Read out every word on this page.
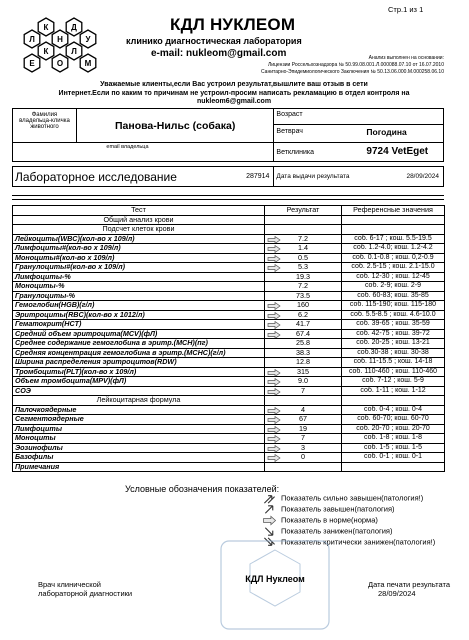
Стр.1 из 1
К	Д
Л	Н	У
К	Л
Е	О	М
КДЛ НУКЛЕОМ
клинико диагностическая лаборатория
e-mail: nukleom@gmail.com	Анализ выполнен на основании:
Лицензии Россельхознадзора № 50.99.08.001.Л.000088.07.10 от 16.07.2010
Санитарно-Эпидемиологического Заключения № 50.13.06.000.М.000258.06.10
Уважаемые клиенты,если Вас устроил результат,вышлите ваш отзыв в сети
Интернет.Если по каким то причинам не устроил-просим написать рекламацию в отдел контроля на
nukleom6@gmail.com
Фамилия владельца-кличка животного	Панова-Нильс (собака)	Возраст
Ветврач Погодина

	email владельца	Ветклиника 9724 VetEget
Лабораторное исследование	287914	Дата выдачи результата	28/09/2024
Тест	Результат	Референсные значения
Общий анализ крови		
Подсчет клеток крови		
Лейкоциты(WBC)(кол-во х 109/л)	7.2	соб. 6-17 ; кош. 5.5-19.5
Лимфоциты#(кол-во х 109/л)	1.4	соб. 1.2-4.0; кош. 1.2-4.2
Моноциты#(кол-во х 109/л)	0.5	соб. 0.1-0.8 ; кош. 0,2-0.9
Гранулоциты#(кол-во х 109/л)	5.3	соб. 2.5-15 ; кош. 2.1-15.0
Лимфоциты-%	19.3	соб. 12-30 ; кош. 12-45
Моноциты-%	7.2	соб. 2-9; кош. 2-9
Гранулоциты-%	73.5	соб. 60-83; кош. 35-85
Гемоглобин(HGB)(г/л)	160	соб. 115-190; кош. 115-180
Эритроциты(RBC)(кол-во х 1012/л)	6.2	соб. 5.5-8.5 ; кош. 4.6-10.0
Гематокрит(HCT)	41.7	соб. 39-65 ; кош. 35-59
Средний объем эритроцита(MCV)(фЛ)	67.4	соб. 42-75 ; кош. 39-72
Среднее содержание гемоглобина в эритр.(MCH)(пг)	25.8	соб. 20-25 ; кош. 13-21
Средняя концентрация гемоглобина в эритр.(MCHC)(г/л)	38.3	соб.30-38 ; кош. 30-38
Ширина распределения эритроцитов(RDW)	12.8	соб. 11-15.5 ; кош. 14-18
Тромбоциты(PLT)(кол-во х 109/л)	315	соб. 110-460 ; кош. 110-460
Объем тромбоцита(MPV)(фЛ)	9.0	соб. 7-12 ; кош. 5-9
СОЭ	7	соб. 1-11 ; кош. 1-12
Лейкоцитарная формула		
Палочкоядерные	4	соб. 0-4 ; кош. 0-4
Сегментоядерные	67	соб. 60-70; кош. 60-70
Лимфоциты	19	соб. 20-70 ; кош. 20-70
Моноциты	7	соб. 1-8 ; кош. 1-8
Эозинофилы	3	соб. 1-5 ; кош. 1-5
Базофилы	0	соб. 0-1 ; кош. 0-1
Примечания		
Условные обозначения показателей:
Показатель сильно завышен(патология!)
Показатель завышен(патология)
Показатель в норме(норма)
Показатель занижен(патология)
Показатель критически занижен(патология!)
КДЛ Нуклеом
Врач клинической
лабораторной диагностики
Дата печати результата
28/09/2024
